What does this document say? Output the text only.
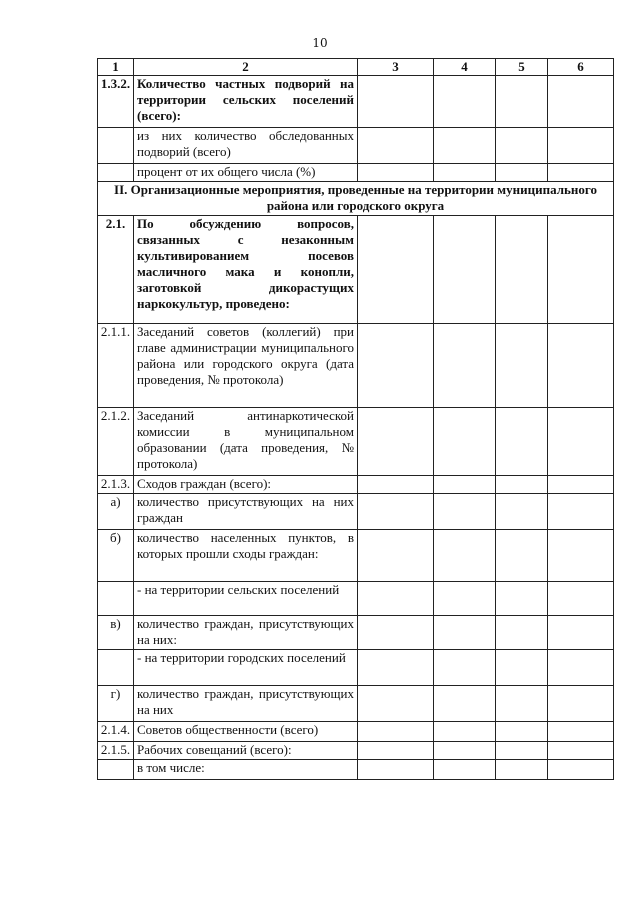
10
1	2	3	4	5	6
1.3.2.	Количество частных подворий на территории сельских поселений (всего):				
	из них количество обследованных подворий (всего)				
	процент от их общего числа (%)				
II. Организационные мероприятия, проведенные на территории муниципального района или городского округа					
2.1.	По обсуждению вопросов, связанных с незаконным культивированием посевов масличного мака и конопли, заготовкой дикорастущих наркокультур, проведено:				
2.1.1.	Заседаний советов (коллегий) при главе администрации муниципального района или городского округа (дата проведения, № протокола)				
2.1.2.	Заседаний антинаркотической комиссии в муниципальном образовании (дата проведения, № протокола)				
2.1.3.	Сходов граждан (всего):				
а)	количество присутствующих на них граждан				
б)	количество населенных пунктов, в которых прошли сходы граждан:				
	- на территории сельских поселений				
в)	количество граждан, присутствующих на них:				
	- на территории городских поселений				
г)	количество граждан, присутствующих на них				
2.1.4.	Советов общественности (всего)				
2.1.5.	Рабочих совещаний (всего):				
	в том числе:				
